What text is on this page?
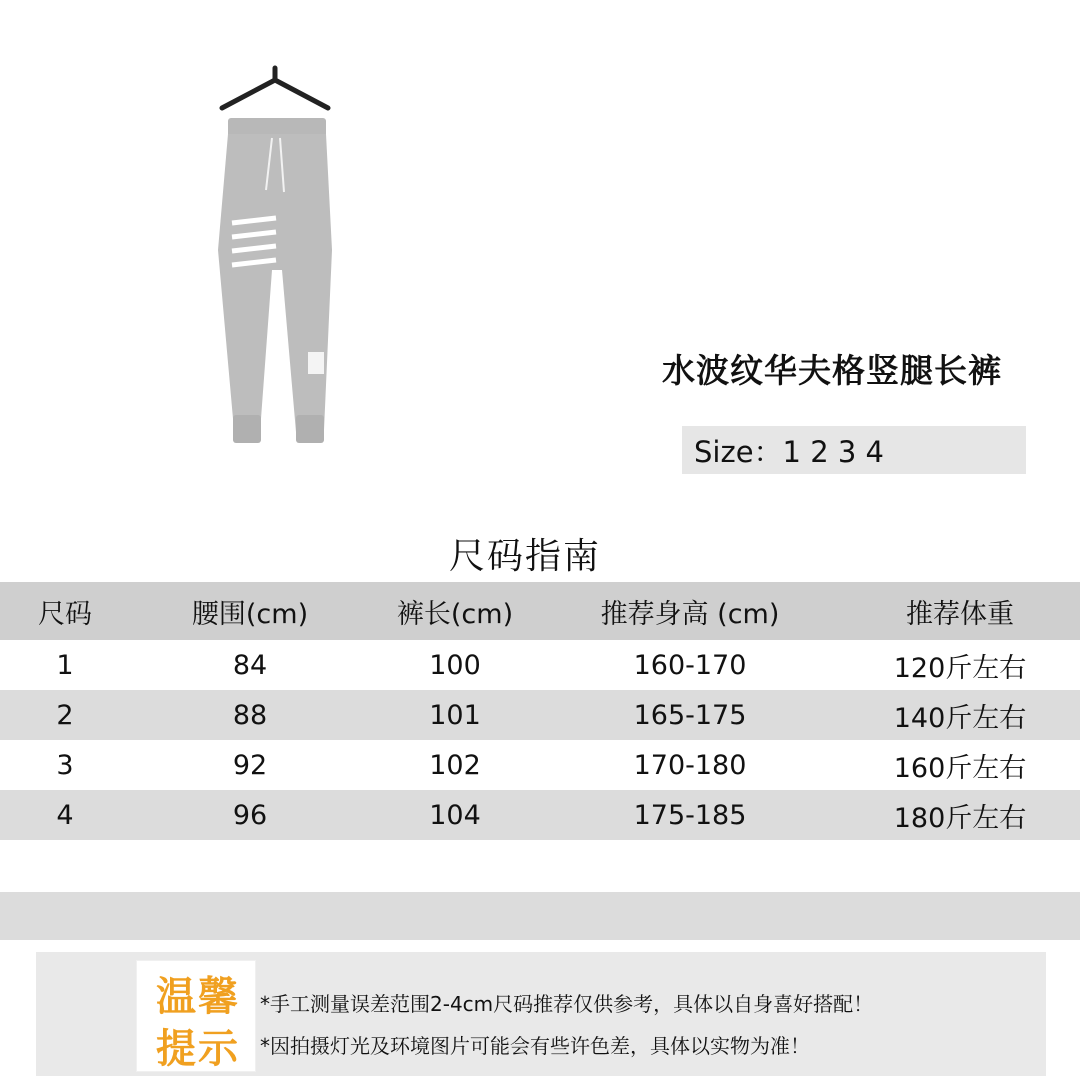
水波纹华夫格竖腿长裤
Size：1 2 3 4
尺码指南
尺码	腰围(cm)	裤长(cm)	推荐身高 (cm)	推荐体重
1	84	100	160-170	120斤左右
2	88	101	165-175	140斤左右
3	92	102	170-180	160斤左右
4	96	104	175-185	180斤左右
温馨
提示
*手工测量误差范围2-4cm尺码推荐仅供参考，具体以自身喜好搭配！
*因拍摄灯光及环境图片可能会有些许色差，具体以实物为准！
